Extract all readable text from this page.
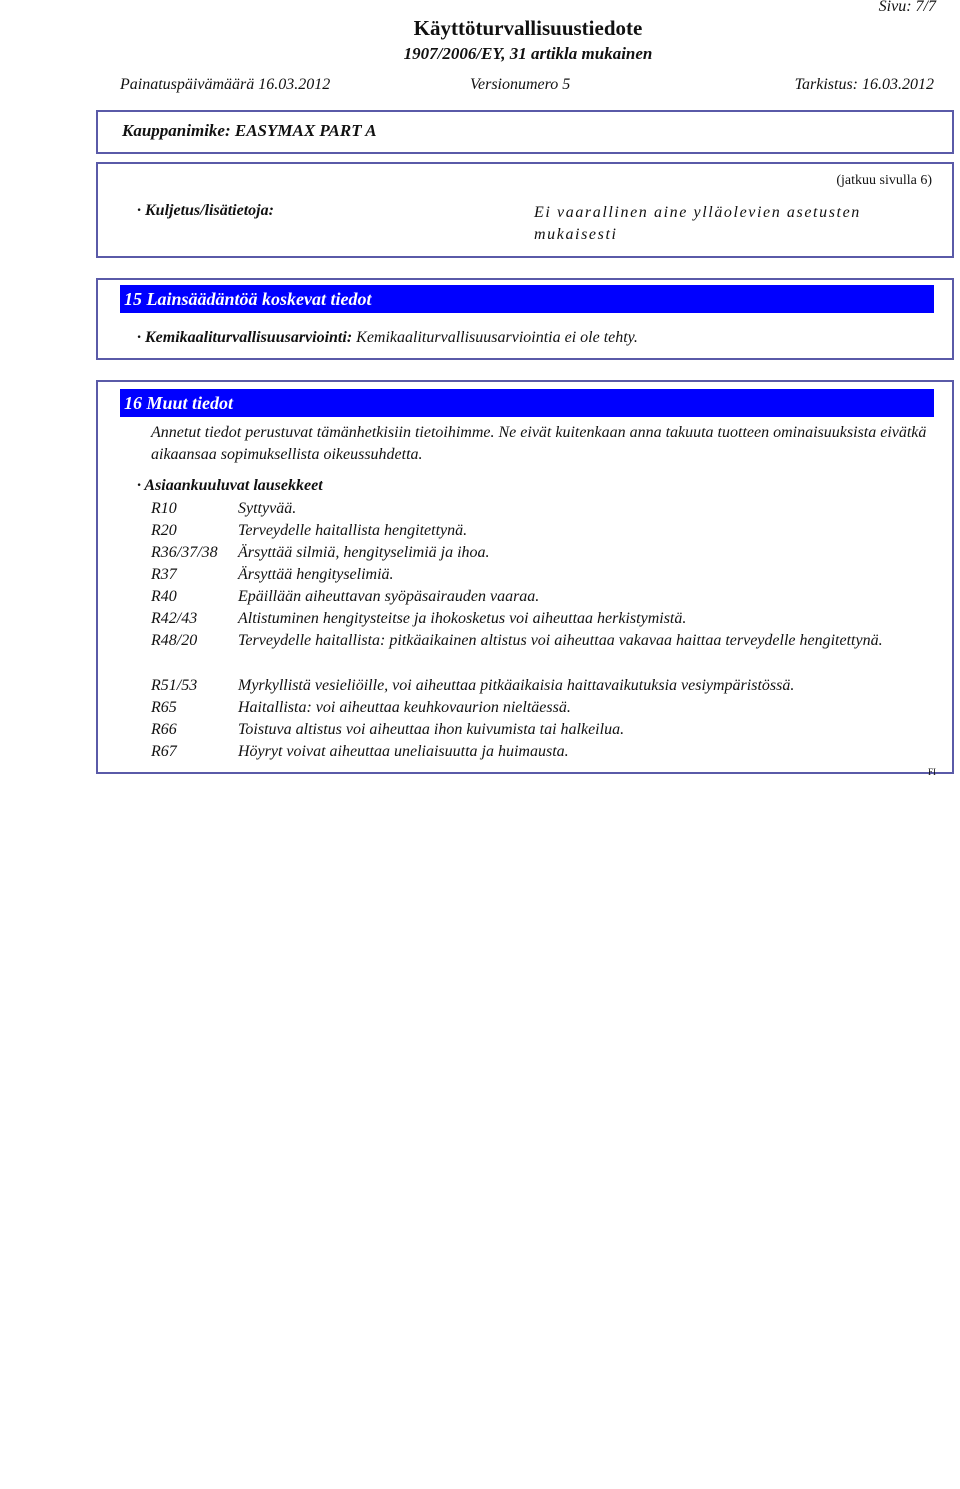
Sivu: 7/7
Käyttöturvallisuustiedote
1907/2006/EY, 31 artikla mukainen
Painatuspäivämäärä 16.03.2012	Versionumero 5	Tarkistus: 16.03.2012
Kauppanimike: EASYMAX PART A
(jatkuu sivulla 6)
· Kuljetus/lisätietoja:	Ei vaarallinen aine ylläolevien asetusten mukaisesti
15 Lainsäädäntöä koskevat tiedot
· Kemikaaliturvallisuusarviointi: Kemikaaliturvallisuusarviointia ei ole tehty.
16 Muut tiedot
Annetut tiedot perustuvat tämänhetkisiin tietoihimme. Ne eivät kuitenkaan anna takuuta tuotteen ominaisuuksista eivätkä aikaansaa sopimuksellista oikeussuhdetta.
· Asiaankuuluvat lausekkeet
R10	Syttyvää.
R20	Terveydelle haitallista hengitettynä.
R36/37/38	Ärsyttää silmiä, hengityselimiä ja ihoa.
R37	Ärsyttää hengityselimiä.
R40	Epäillään aiheuttavan syöpäsairauden vaaraa.
R42/43	Altistuminen hengitysteitse ja ihokosketus voi aiheuttaa herkistymistä.
R48/20	Terveydelle haitallista: pitkäaikainen altistus voi aiheuttaa vakavaa haittaa terveydelle hengitettynä.
R51/53	Myrkyllistä vesieliöille, voi aiheuttaa pitkäaikaisia haittavaikutuksia vesiympäristössä.
R65	Haitallista: voi aiheuttaa keuhkovaurion nieltäessä.
R66	Toistuva altistus voi aiheuttaa ihon kuivumista tai halkeilua.
R67	Höyryt voivat aiheuttaa uneliaisuutta ja huimausta.
FI
